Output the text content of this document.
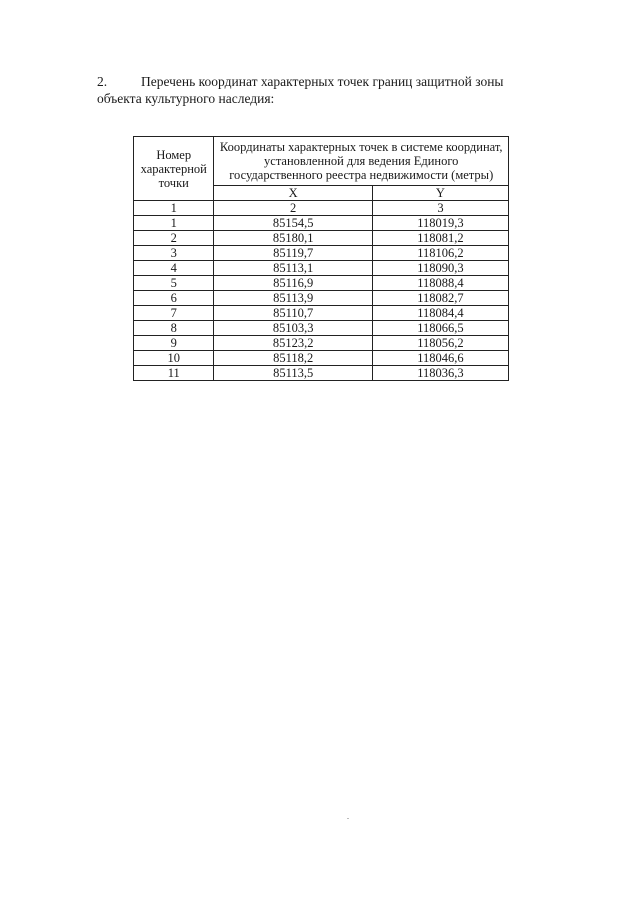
2.	Перечень координат характерных точек границ защитной зоны объекта культурного наследия:
Номер характерной точки	Координаты характерных точек в системе координат, установленной для ведения Единого государственного реестра недвижимости (метры)	
	X	Y
1	2	3
1	85154,5	118019,3
2	85180,1	118081,2
3	85119,7	118106,2
4	85113,1	118090,3
5	85116,9	118088,4
6	85113,9	118082,7
7	85110,7	118084,4
8	85103,3	118066,5
9	85123,2	118056,2
10	85118,2	118046,6
11	85113,5	118036,3
